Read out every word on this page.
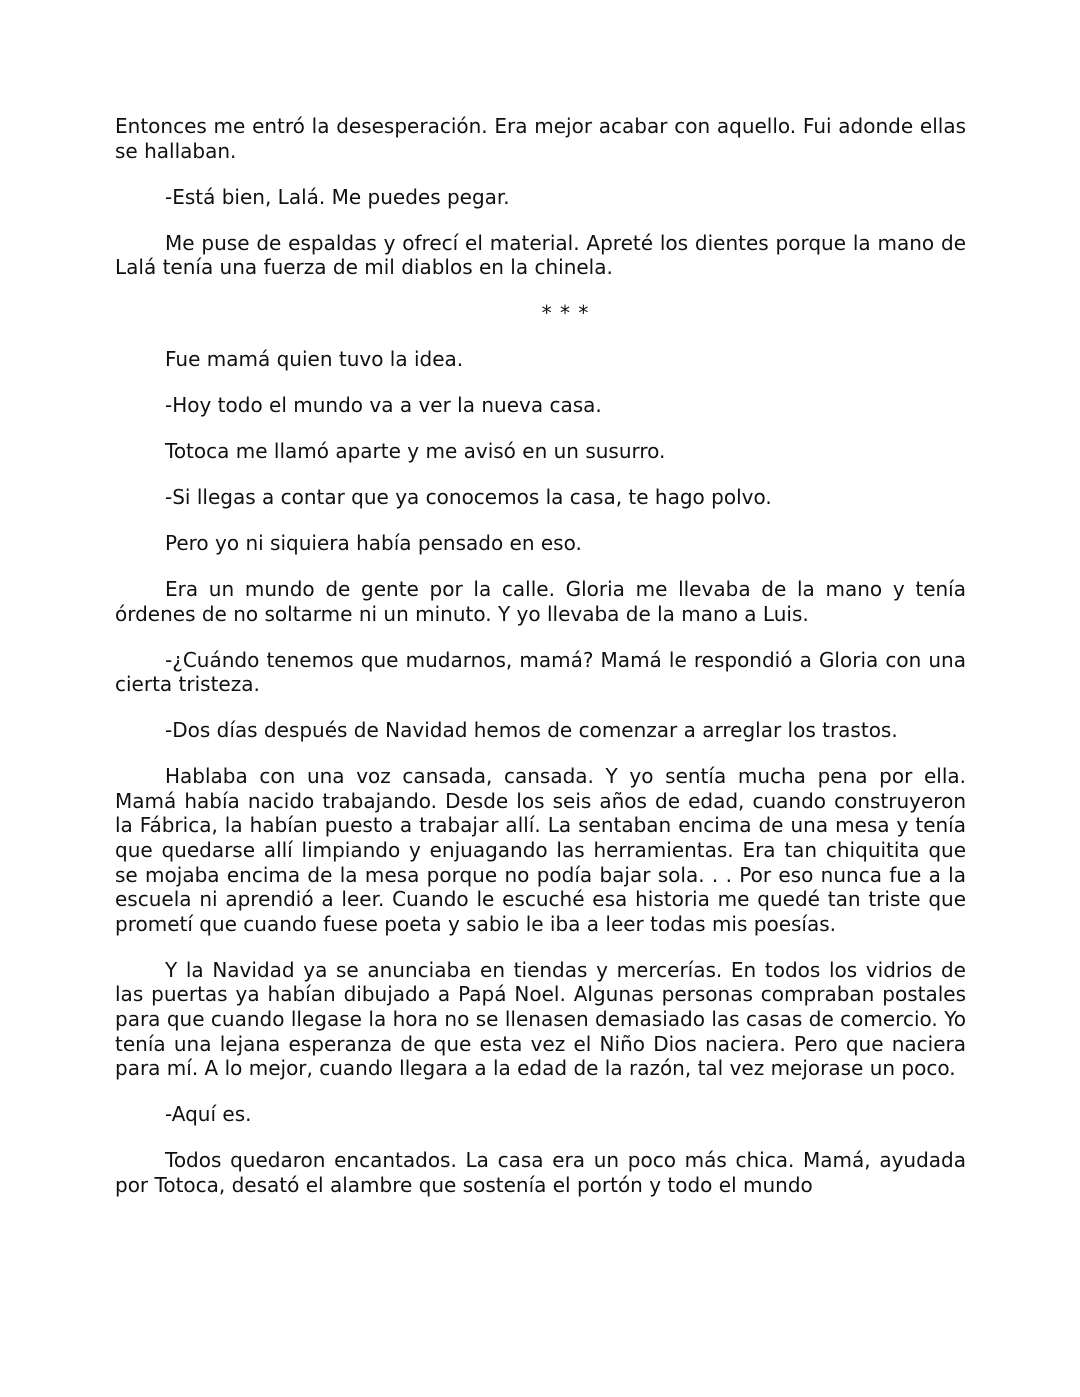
Entonces me entró la desesperación. Era mejor acabar con aquello. Fui adonde ellas se hallaban.

-Está bien, Lalá. Me puedes pegar.

Me puse de espaldas y ofrecí el material. Apreté los dientes porque la mano de Lalá tenía una fuerza de mil diablos en la chinela.

* * *

Fue mamá quien tuvo la idea.

-Hoy todo el mundo va a ver la nueva casa.

Totoca me llamó aparte y me avisó en un susurro.

-Si llegas a contar que ya conocemos la casa, te hago polvo.

Pero yo ni siquiera había pensado en eso.

Era un mundo de gente por la calle. Gloria me llevaba de la mano y tenía órdenes de no soltarme ni un minuto. Y yo llevaba de la mano a Luis.

-¿Cuándo tenemos que mudarnos, mamá? Mamá le respondió a Gloria con una cierta tristeza.

-Dos días después de Navidad hemos de comenzar a arreglar los trastos.

Hablaba con una voz cansada, cansada. Y yo sentía mucha pena por ella. Mamá había nacido trabajando. Desde los seis años de edad, cuando construyeron la Fábrica, la habían puesto a trabajar allí. La sentaban encima de una mesa y tenía que quedarse allí limpiando y enjuagando las herramientas. Era tan chiquitita que se mojaba encima de la mesa porque no podía bajar sola. . . Por eso nunca fue a la escuela ni aprendió a leer. Cuando le escuché esa historia me quedé tan triste que prometí que cuando fuese poeta y sabio le iba a leer todas mis poesías.

Y la Navidad ya se anunciaba en tiendas y mercerías. En todos los vidrios de las puertas ya habían dibujado a Papá Noel. Algunas personas compraban postales para que cuando llegase la hora no se llenasen demasiado las casas de comercio. Yo tenía una lejana esperanza de que esta vez el Niño Dios naciera. Pero que naciera para mí. A lo mejor, cuando llegara a la edad de la razón, tal vez mejorase un poco.

-Aquí es.

Todos quedaron encantados. La casa era un poco más chica. Mamá, ayudada por Totoca, desató el alambre que sostenía el portón y todo el mundo
